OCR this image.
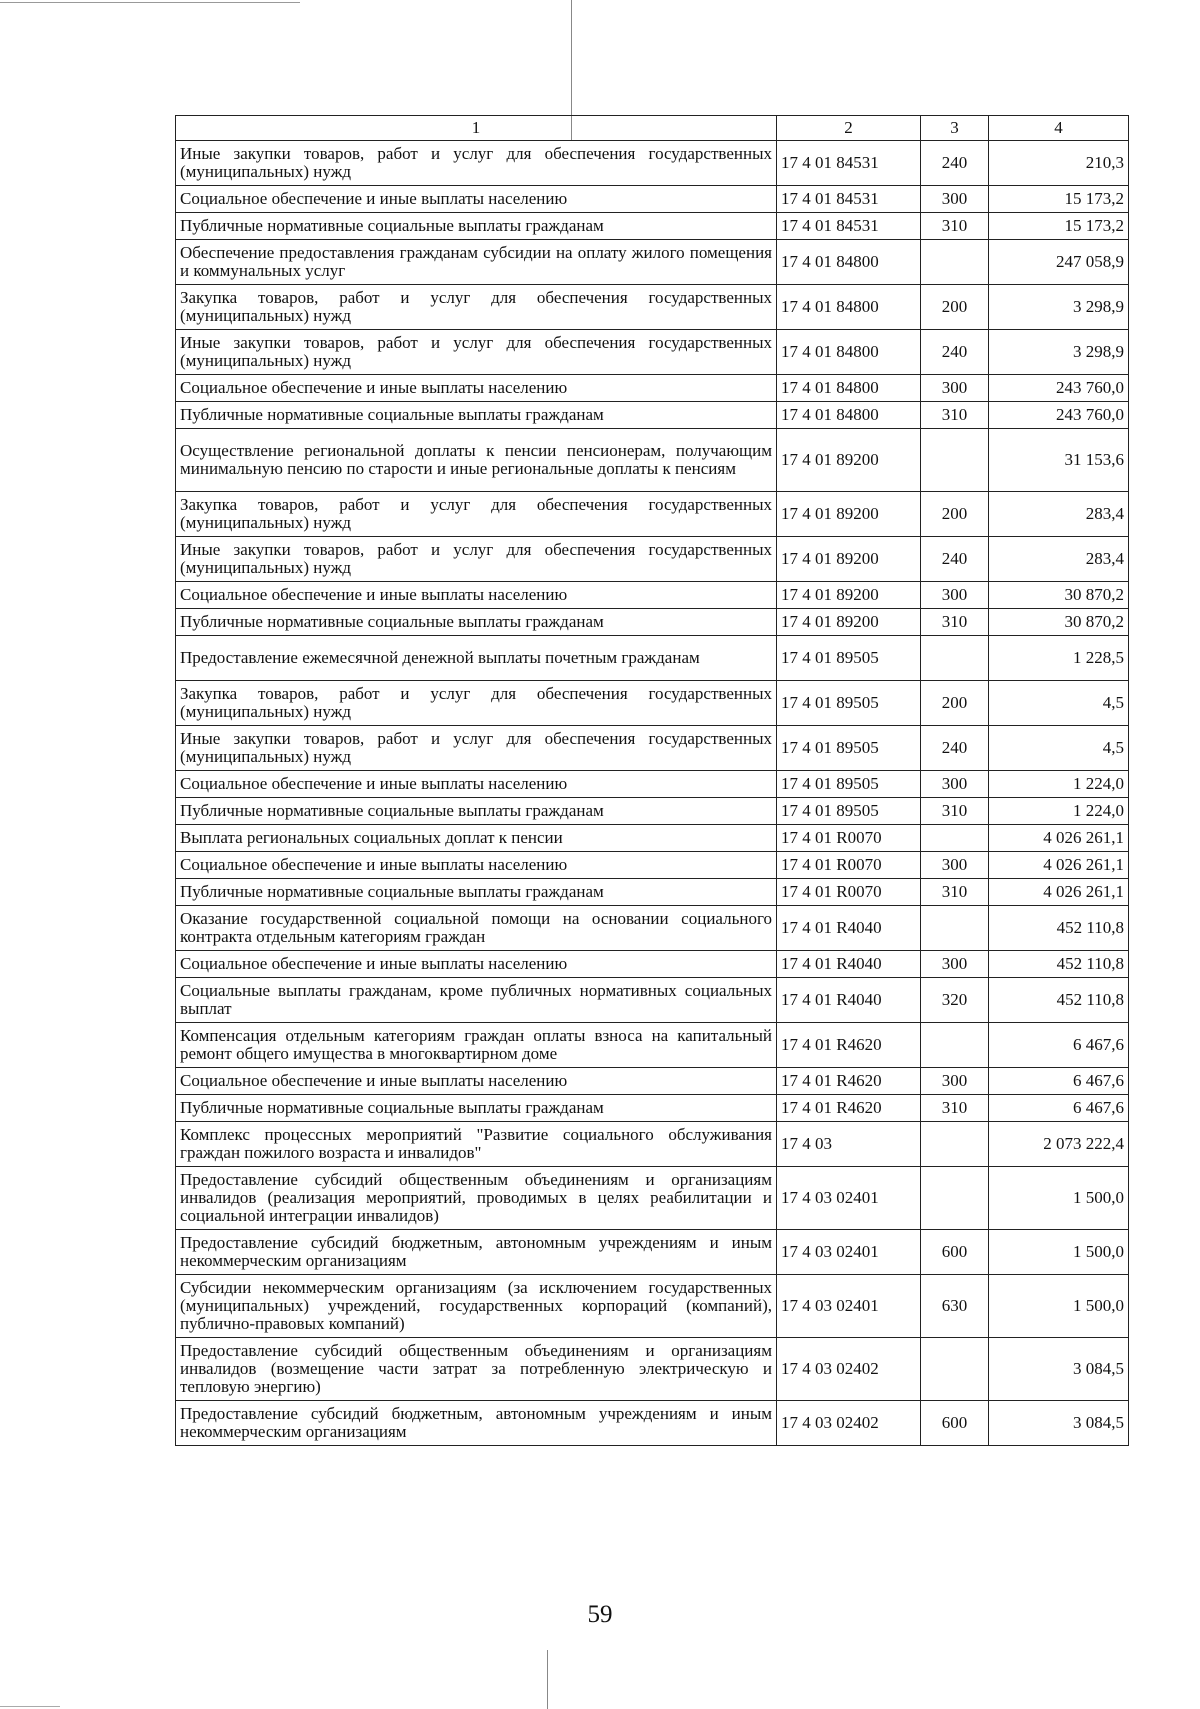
1	2	3	4
Иные закупки товаров, работ и услуг для обеспечения государственных (муниципальных) нужд	17 4 01 84531	240	210,3
Социальное обеспечение и иные выплаты населению	17 4 01 84531	300	15 173,2
Публичные нормативные социальные выплаты гражданам	17 4 01 84531	310	15 173,2
Обеспечение предоставления гражданам субсидии на оплату жилого помещения и коммунальных услуг	17 4 01 84800		247 058,9
Закупка товаров, работ и услуг для обеспечения государственных (муниципальных) нужд	17 4 01 84800	200	3 298,9
Иные закупки товаров, работ и услуг для обеспечения государственных (муниципальных) нужд	17 4 01 84800	240	3 298,9
Социальное обеспечение и иные выплаты населению	17 4 01 84800	300	243 760,0
Публичные нормативные социальные выплаты гражданам	17 4 01 84800	310	243 760,0
Осуществление региональной доплаты к пенсии пенсионерам, получающим минимальную пенсию по старости и иные региональные доплаты к пенсиям	17 4 01 89200		31 153,6
Закупка товаров, работ и услуг для обеспечения государственных (муниципальных) нужд	17 4 01 89200	200	283,4
Иные закупки товаров, работ и услуг для обеспечения государственных (муниципальных) нужд	17 4 01 89200	240	283,4
Социальное обеспечение и иные выплаты населению	17 4 01 89200	300	30 870,2
Публичные нормативные социальные выплаты гражданам	17 4 01 89200	310	30 870,2
Предоставление ежемесячной денежной выплаты почетным гражданам	17 4 01 89505		1 228,5
Закупка товаров, работ и услуг для обеспечения государственных (муниципальных) нужд	17 4 01 89505	200	4,5
Иные закупки товаров, работ и услуг для обеспечения государственных (муниципальных) нужд	17 4 01 89505	240	4,5
Социальное обеспечение и иные выплаты населению	17 4 01 89505	300	1 224,0
Публичные нормативные социальные выплаты гражданам	17 4 01 89505	310	1 224,0
Выплата региональных социальных доплат к пенсии	17 4 01 R0070		4 026 261,1
Социальное обеспечение и иные выплаты населению	17 4 01 R0070	300	4 026 261,1
Публичные нормативные социальные выплаты гражданам	17 4 01 R0070	310	4 026 261,1
Оказание государственной социальной помощи на основании социального контракта отдельным категориям граждан	17 4 01 R4040		452 110,8
Социальное обеспечение и иные выплаты населению	17 4 01 R4040	300	452 110,8
Социальные выплаты гражданам, кроме публичных нормативных социальных выплат	17 4 01 R4040	320	452 110,8
Компенсация отдельным категориям граждан оплаты взноса на капитальный ремонт общего имущества в многоквартирном доме	17 4 01 R4620		6 467,6
Социальное обеспечение и иные выплаты населению	17 4 01 R4620	300	6 467,6
Публичные нормативные социальные выплаты гражданам	17 4 01 R4620	310	6 467,6
Комплекс процессных мероприятий "Развитие социального обслуживания граждан пожилого возраста и инвалидов"	17 4 03		2 073 222,4
Предоставление субсидий общественным объединениям и организациям инвалидов (реализация мероприятий, проводимых в целях реабилитации и социальной интеграции инвалидов)	17 4 03 02401		1 500,0
Предоставление субсидий бюджетным, автономным учреждениям и иным некоммерческим организациям	17 4 03 02401	600	1 500,0
Субсидии некоммерческим организациям (за исключением государственных (муниципальных) учреждений, государственных корпораций (компаний), публично-правовых компаний)	17 4 03 02401	630	1 500,0
Предоставление субсидий общественным объединениям и организациям инвалидов (возмещение части затрат за потребленную электрическую и тепловую энергию)	17 4 03 02402		3 084,5
Предоставление субсидий бюджетным, автономным учреждениям и иным некоммерческим организациям	17 4 03 02402	600	3 084,5
59
